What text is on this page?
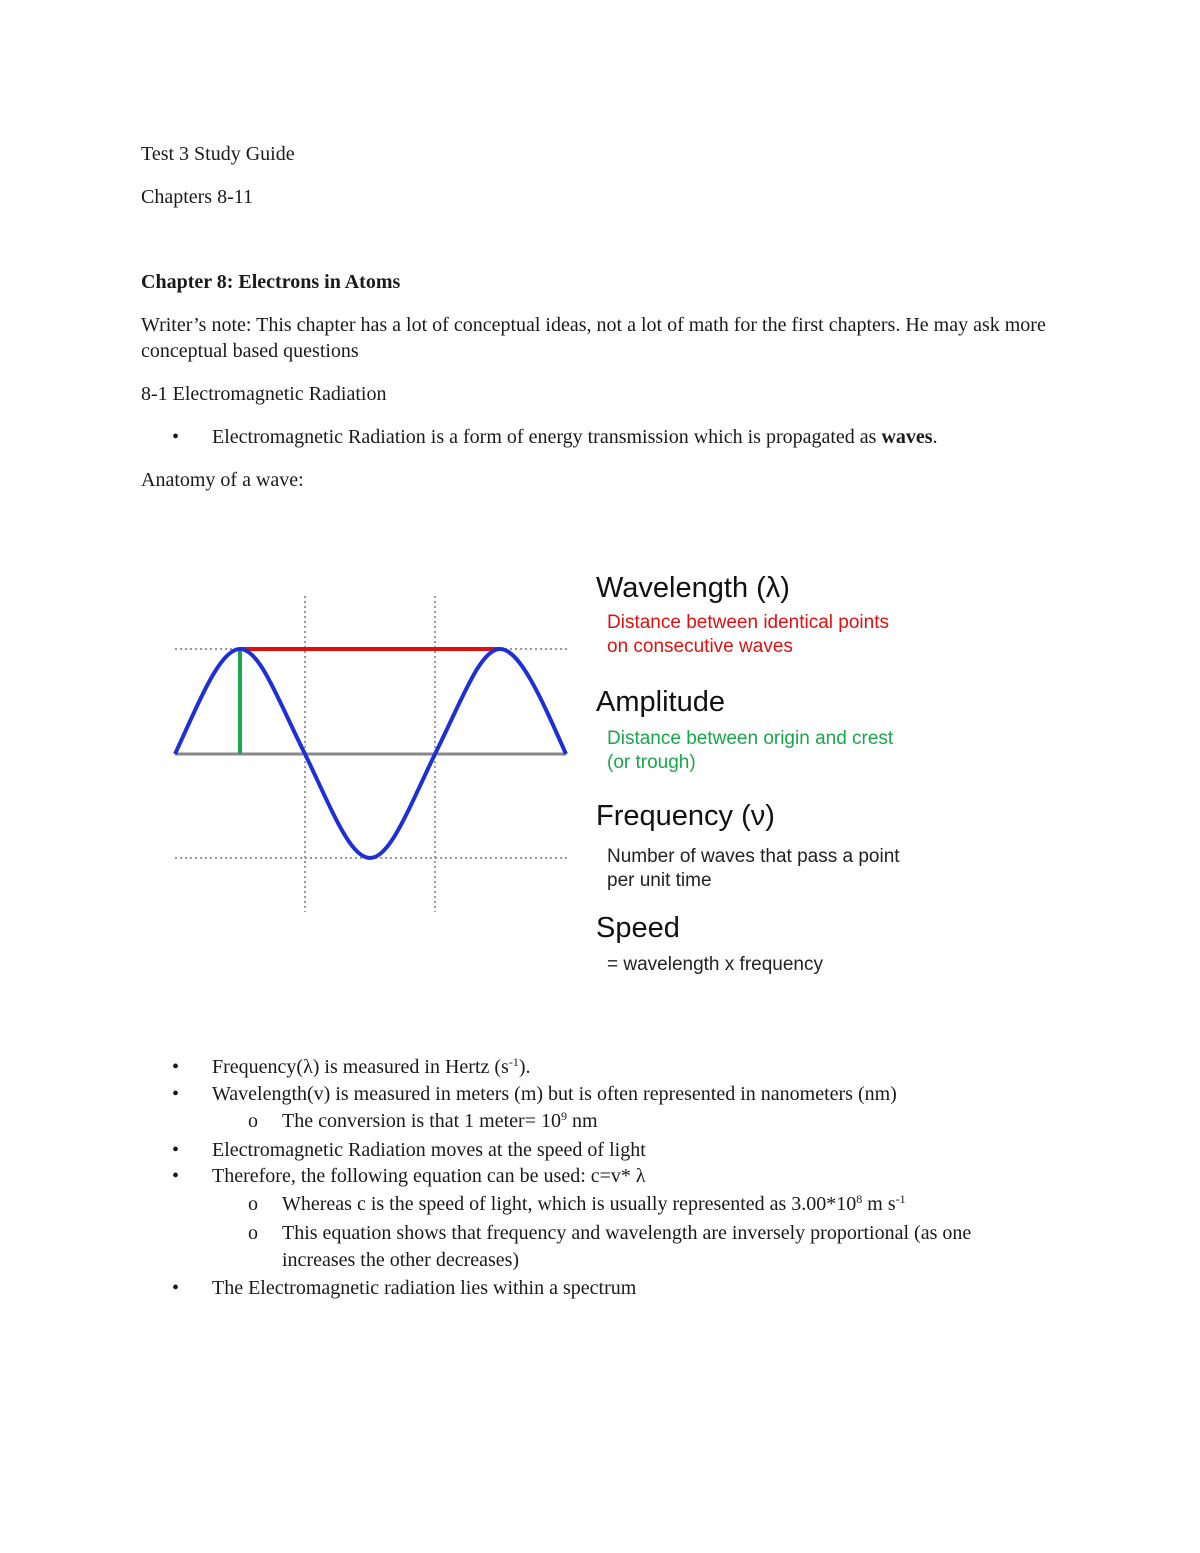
Test 3 Study Guide
Chapters 8-11
Chapter 8: Electrons in Atoms
Writer’s note: This chapter has a lot of conceptual ideas, not a lot of math for the first chapters. He may ask more conceptual based questions
8-1 Electromagnetic Radiation
• Electromagnetic Radiation is a form of energy transmission which is propagated as waves.
Anatomy of a wave:
Wavelength (λ)
Distance between identical points on consecutive waves
Amplitude
Distance between origin and crest (or trough)
Frequency (ν)
Number of waves that pass a point per unit time
Speed
= wavelength x frequency
• Frequency(λ) is measured in Hertz $(s^{-1})$.
• Wavelength(v) is measured in meters (m) but is often represented in nanometers (nm)
o The conversion is that 1 meter= $10^9$ nm
• Electromagnetic Radiation moves at the speed of light
• Therefore, the following equation can be used: c=v* λ
o Whereas c is the speed of light, which is usually represented as $3.00*10^8$ m $s^{-1}$
o This equation shows that frequency and wavelength are inversely proportional (as one increases the other decreases)
• The Electromagnetic radiation lies within a spectrum
